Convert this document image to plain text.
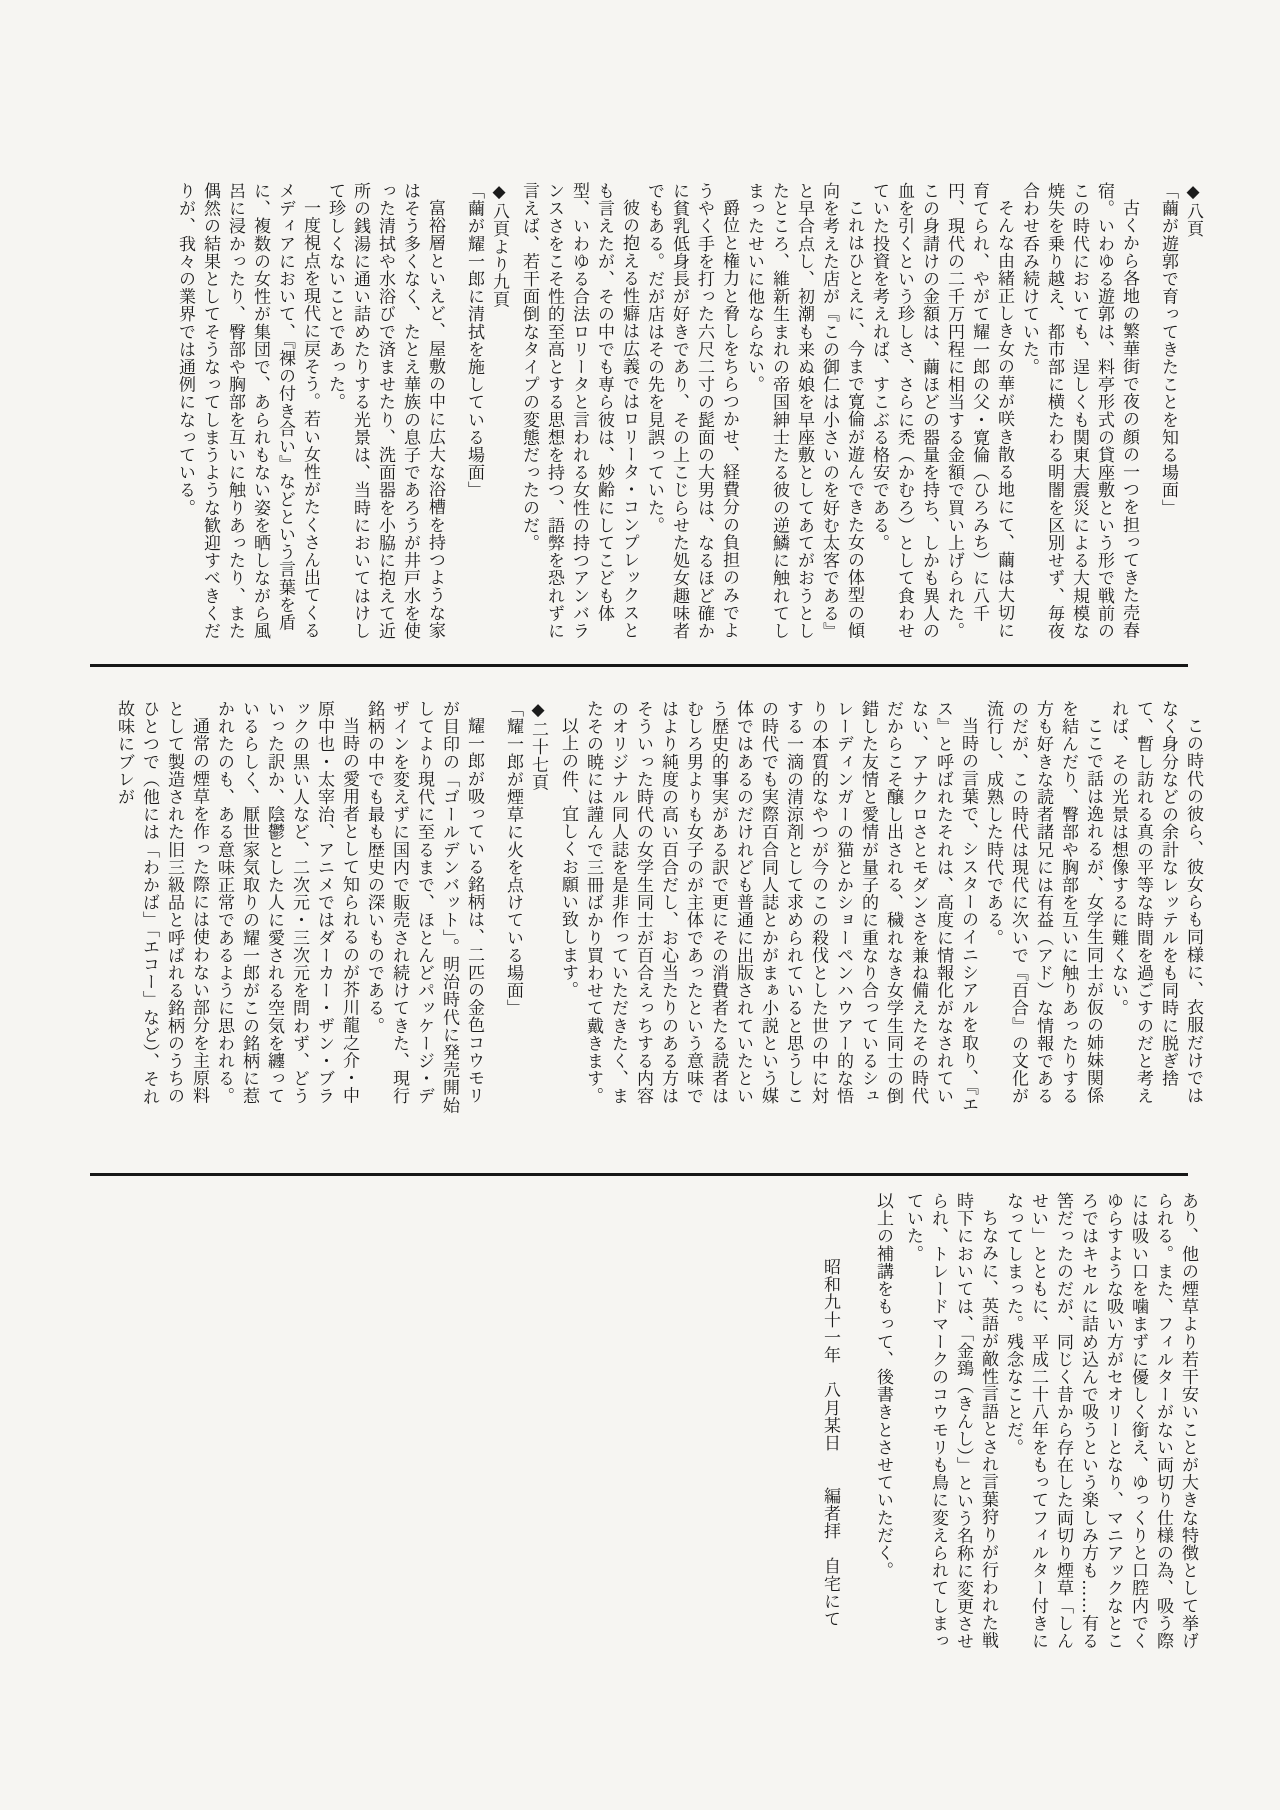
◆八頁
「繭が遊郭で育ってきたことを知る場面」

古くから各地の繁華街で夜の顔の一つを担ってきた売春宿。いわゆる遊郭は、料亭形式の貸座敷という形で戦前のこの時代においても、逞しくも関東大震災による大規模な焼失を乗り越え、都市部に横たわる明闇を区別せず、毎夜合わせ呑み続けていた。

そんな由緒正しき女の華が咲き散る地にて、繭は大切に育てられ、やがて耀一郎の父・寛倫（ひろみち）に八千円、現代の二千万円程に相当する金額で買い上げられた。この身請けの金額は、繭ほどの器量を持ち、しかも異人の血を引くという珍しさ、さらに禿（かむろ）として食わせていた投資を考えれば、すこぶる格安である。

これはひとえに、今まで寛倫が遊んできた女の体型の傾向を考えた店が『この御仁は小さいのを好む太客である』と早合点し、初潮も来ぬ娘を早座敷としてあてがおうとしたところ、維新生まれの帝国紳士たる彼の逆鱗に触れてしまったせいに他ならない。

爵位と権力と脅しをちらつかせ、経費分の負担のみでようやく手を打った六尺二寸の髭面の大男は、なるほど確かに貧乳低身長が好きであり、その上こじらせた処女趣味者でもある。だが店はその先を見誤っていた。

彼の抱える性癖は広義ではロリータ・コンプレックスとも言えたが、その中でも専ら彼は、妙齢にしてこども体型、いわゆる合法ロリータと言われる女性の持つアンバランスさをこそ性的至高とする思想を持つ、語弊を恐れずに言えば、若干面倒なタイプの変態だったのだ。

◆八頁より九頁
「繭が耀一郎に清拭を施している場面」

富裕層といえど、屋敷の中に広大な浴槽を持つような家はそう多くなく、たとえ華族の息子であろうが井戸水を使った清拭や水浴びで済ませたり、洗面器を小脇に抱えて近所の銭湯に通い詰めたりする光景は、当時においてはけして珍しくないことであった。

一度視点を現代に戻そう。若い女性がたくさん出てくるメディアにおいて、『裸の付き合い』などという言葉を盾に、複数の女性が集団で、あられもない姿を晒しながら風呂に浸かったり、臀部や胸部を互いに触りあったり、また偶然の結果としてそうなってしまうような歓迎すべきくだりが、我々の業界では通例になっている。

この時代の彼ら、彼女らも同様に、衣服だけではなく身分などの余計なレッテルをも同時に脱ぎ捨て、暫し訪れる真の平等な時間を過ごすのだと考えれば、その光景は想像するに難くない。

ここで話は逸れるが、女学生同士が仮の姉妹関係を結んだり、臀部や胸部を互いに触りあったりする方も好きな読者諸兄には有益（アド）な情報であるのだが、この時代は現代に次いで『百合』の文化が流行し、成熟した時代である。

当時の言葉で、シスターのイニシアルを取り、『エス』と呼ばれたそれは、高度に情報化がなされていない、アナクロさとモダンさを兼ね備えたその時代だからこそ醸し出される、穢れなき女学生同士の倒錯した友情と愛情が量子的に重なり合っているシュレーディンガーの猫とかショーペンハウアー的な悟りの本質的なやつが今のこの殺伐とした世の中に対する一滴の清涼剤として求められていると思うしこの時代でも実際百合同人誌とかがまぁ小説という媒体ではあるのだけれども普通に出版されていたという歴史的事実がある訳で更にその消費者たる読者はむしろ男よりも女子のが主体であったという意味ではより純度の高い百合だし、お心当たりのある方はそういった時代の女学生同士が百合えっちする内容のオリジナル同人誌を是非作っていただきたく、またその暁には謹んで三冊ばかり買わせて戴きます。

以上の件、宜しくお願い致します。

◆二十七頁
「耀一郎が煙草に火を点けている場面」

耀一郎が吸っている銘柄は、二匹の金色コウモリが目印の「ゴールデンバット」。明治時代に発売開始してより現代に至るまで、ほとんどパッケージ・デザインを変えずに国内で販売され続けてきた、現行銘柄の中でも最も歴史の深いものである。

当時の愛用者として知られるのが芥川龍之介・中原中也・太宰治、アニメではダーカー・ザン・ブラックの黒い人など、二次元・三次元を問わず、どういった訳か、陰鬱とした人に愛される空気を纏っているらしく、厭世家気取りの耀一郎がこの銘柄に惹かれたのも、ある意味正常であるように思われる。

通常の煙草を作った際には使わない部分を主原料として製造された旧三級品と呼ばれる銘柄のうちのひとつで（他には「わかば」「エコー」など）、それ故味にブレが

あり、他の煙草より若干安いことが大きな特徴として挙げられる。また、フィルターがない両切り仕様の為、吸う際には吸い口を噛まずに優しく銜え、ゆっくりと口腔内でくゆらすような吸い方がセオリーとなり、マニアックなところではキセルに詰め込んで吸うという楽しみ方も……有る筈だったのだが、同じく昔から存在した両切り煙草「しんせい」とともに、平成二十八年をもってフィルター付きになってしまった。残念なことだ。

ちなみに、英語が敵性言語とされ言葉狩りが行われた戦時下においては、「金鵄（きんし）」という名称に変更させられ、トレードマークのコウモリも鳥に変えられてしまっていた。

以上の補講をもって、後書きとさせていただく。

昭和九十一年　八月某日　　編者拝　自宅にて
